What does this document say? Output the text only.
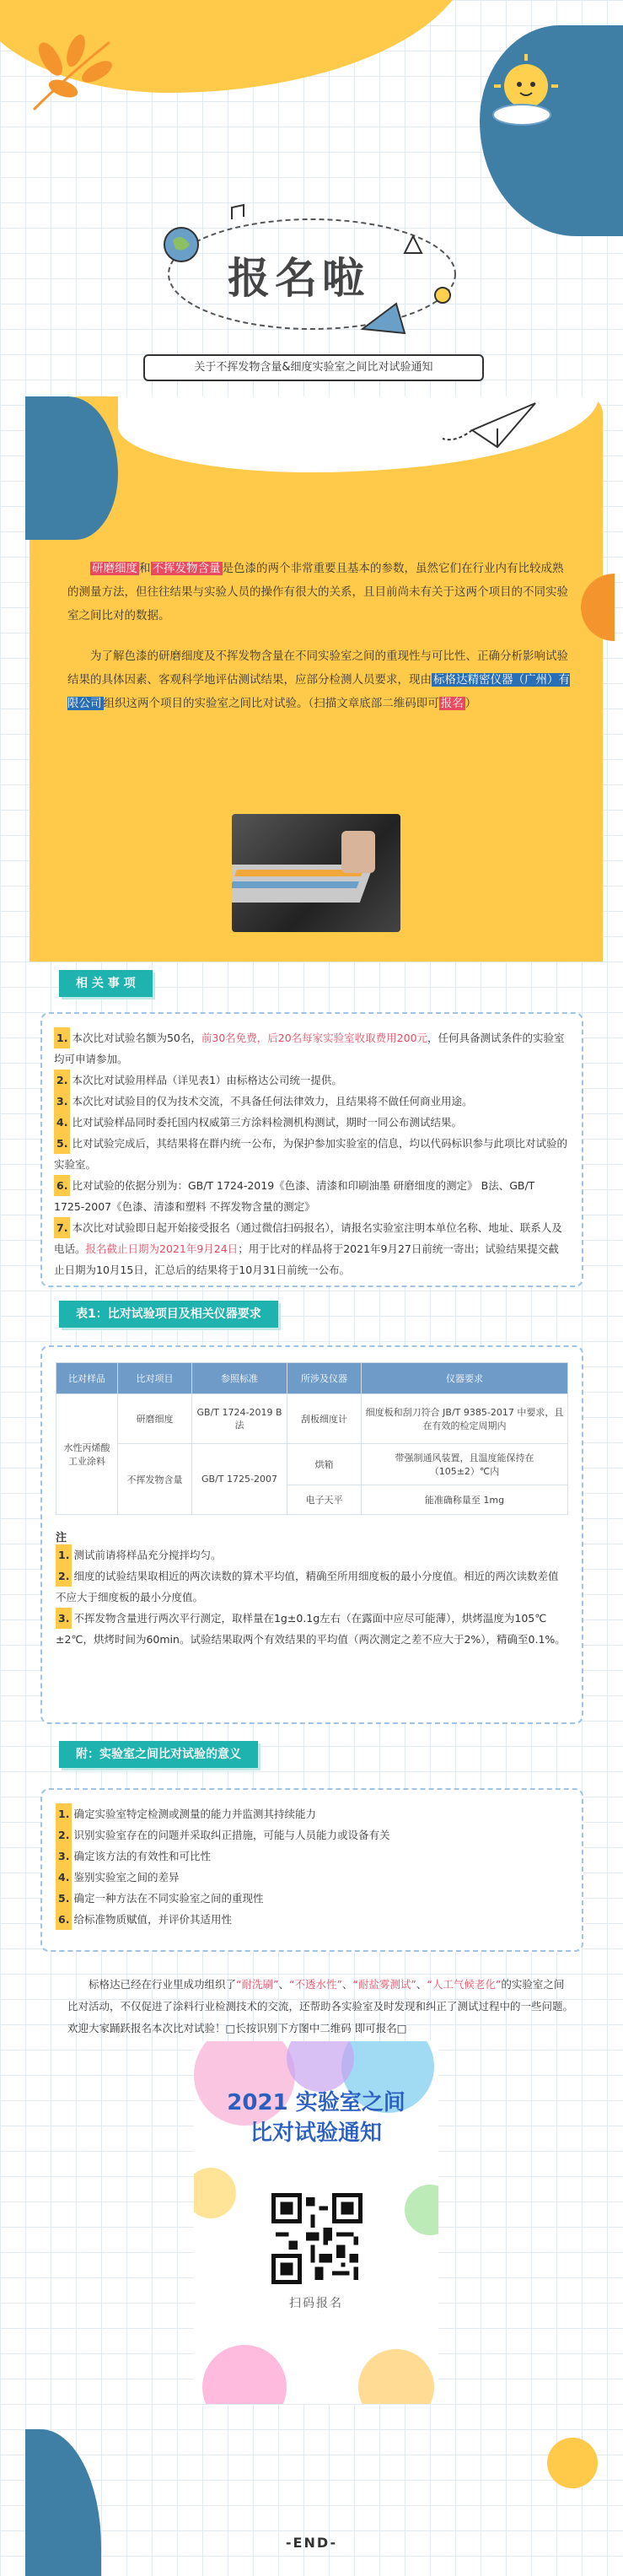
报名啦
关于不挥发物含量&细度实验室之间比对试验通知

研磨细度 和 不挥发物含量 是色漆的两个非常重要且基本的参数，虽然它们在行业内有比较成熟的测量方法，但往往结果与实验人员的操作有很大的关系，且目前尚未有关于这两个项目的不同实验室之间比对的数据。

为了解色漆的研磨细度及不挥发物含量在不同实验室之间的重现性与可比性、正确分析影响试验结果的具体因素、客观科学地评估测试结果，应部分检测人员要求，现由 标格达精密仪器（广州）有限公司 组织这两个项目的实验室之间比对试验。（扫描文章底部二维码即可 报名 ）

相 关 事 项
1. 本次比对试验名额为50名，前30名免费，后20名每家实验室收取费用200元，任何具备测试条件的实验室均可申请参加。
2. 本次比对试验用样品（详见表1）由标格达公司统一提供。
3. 本次比对试验目的仅为技术交流，不具备任何法律效力，且结果将不做任何商业用途。
4. 比对试验样品同时委托国内权威第三方涂料检测机构测试，期时一同公布测试结果。
5. 比对试验完成后，其结果将在群内统一公布，为保护参加实验室的信息，均以代码标识参与此项比对试验的实验室。
6. 比对试验的依据分别为：GB/T 1724-2019《色漆、清漆和印刷油墨 研磨细度的测定》 B法、GB/T 1725-2007《色漆、清漆和塑料 不挥发物含量的测定》
7. 本次比对试验即日起开始接受报名（通过微信扫码报名），请报名实验室注明本单位名称、地址、联系人及电话。报名截止日期为2021年9月24日；用于比对的样品将于2021年9月27日前统一寄出；试验结果提交截止日期为10月15日，汇总后的结果将于10月31日前统一公布。
表1：比对试验项目及相关仪器要求
比对样品	比对项目	参照标准	所涉及仪器	仪器要求
水性丙烯酸工业涂料	研磨细度	GB/T 1724-2019 B法	刮板细度计	细度板和刮刀符合 JB/T 9385-2017 中要求，且在有效的检定周期内
	不挥发物含量	GB/T 1725-2007	烘箱	带强制通风装置，且温度能保持在（105±2）℃内
			电子天平	能准确称量至 1mg
注
1. 测试前请将样品充分搅拌均匀。
2. 细度的试验结果取相近的两次读数的算术平均值，精确至所用细度板的最小分度值。相近的两次读数差值不应大于细度板的最小分度值。
3. 不挥发物含量进行两次平行测定，取样量在1g±0.1g左右（在露面中应尽可能薄），烘烤温度为105℃±2℃，烘烤时间为60min。试验结果取两个有效结果的平均值（两次测定之差不应大于2%），精确至0.1%。
附：实验室之间比对试验的意义
1. 确定实验室特定检测或测量的能力并监测其持续能力
2. 识别实验室存在的问题并采取纠正措施，可能与人员能力或设备有关
3. 确定该方法的有效性和可比性
4. 鉴别实验室之间的差异
5. 确定一种方法在不同实验室之间的重现性
6. 给标准物质赋值，并评价其适用性
标格达已经在行业里成功组织了“耐洗刷”、“不透水性”、“耐盐雾测试”、“人工气候老化”的实验室之间比对活动，不仅促进了涂料行业检测技术的交流，还帮助各实验室及时发现和纠正了测试过程中的一些问题。欢迎大家踊跃报名本次比对试验！□长按识别下方图中二维码 即可报名□
2021 实验室之间
比对试验通知
扫码报名
-END-
